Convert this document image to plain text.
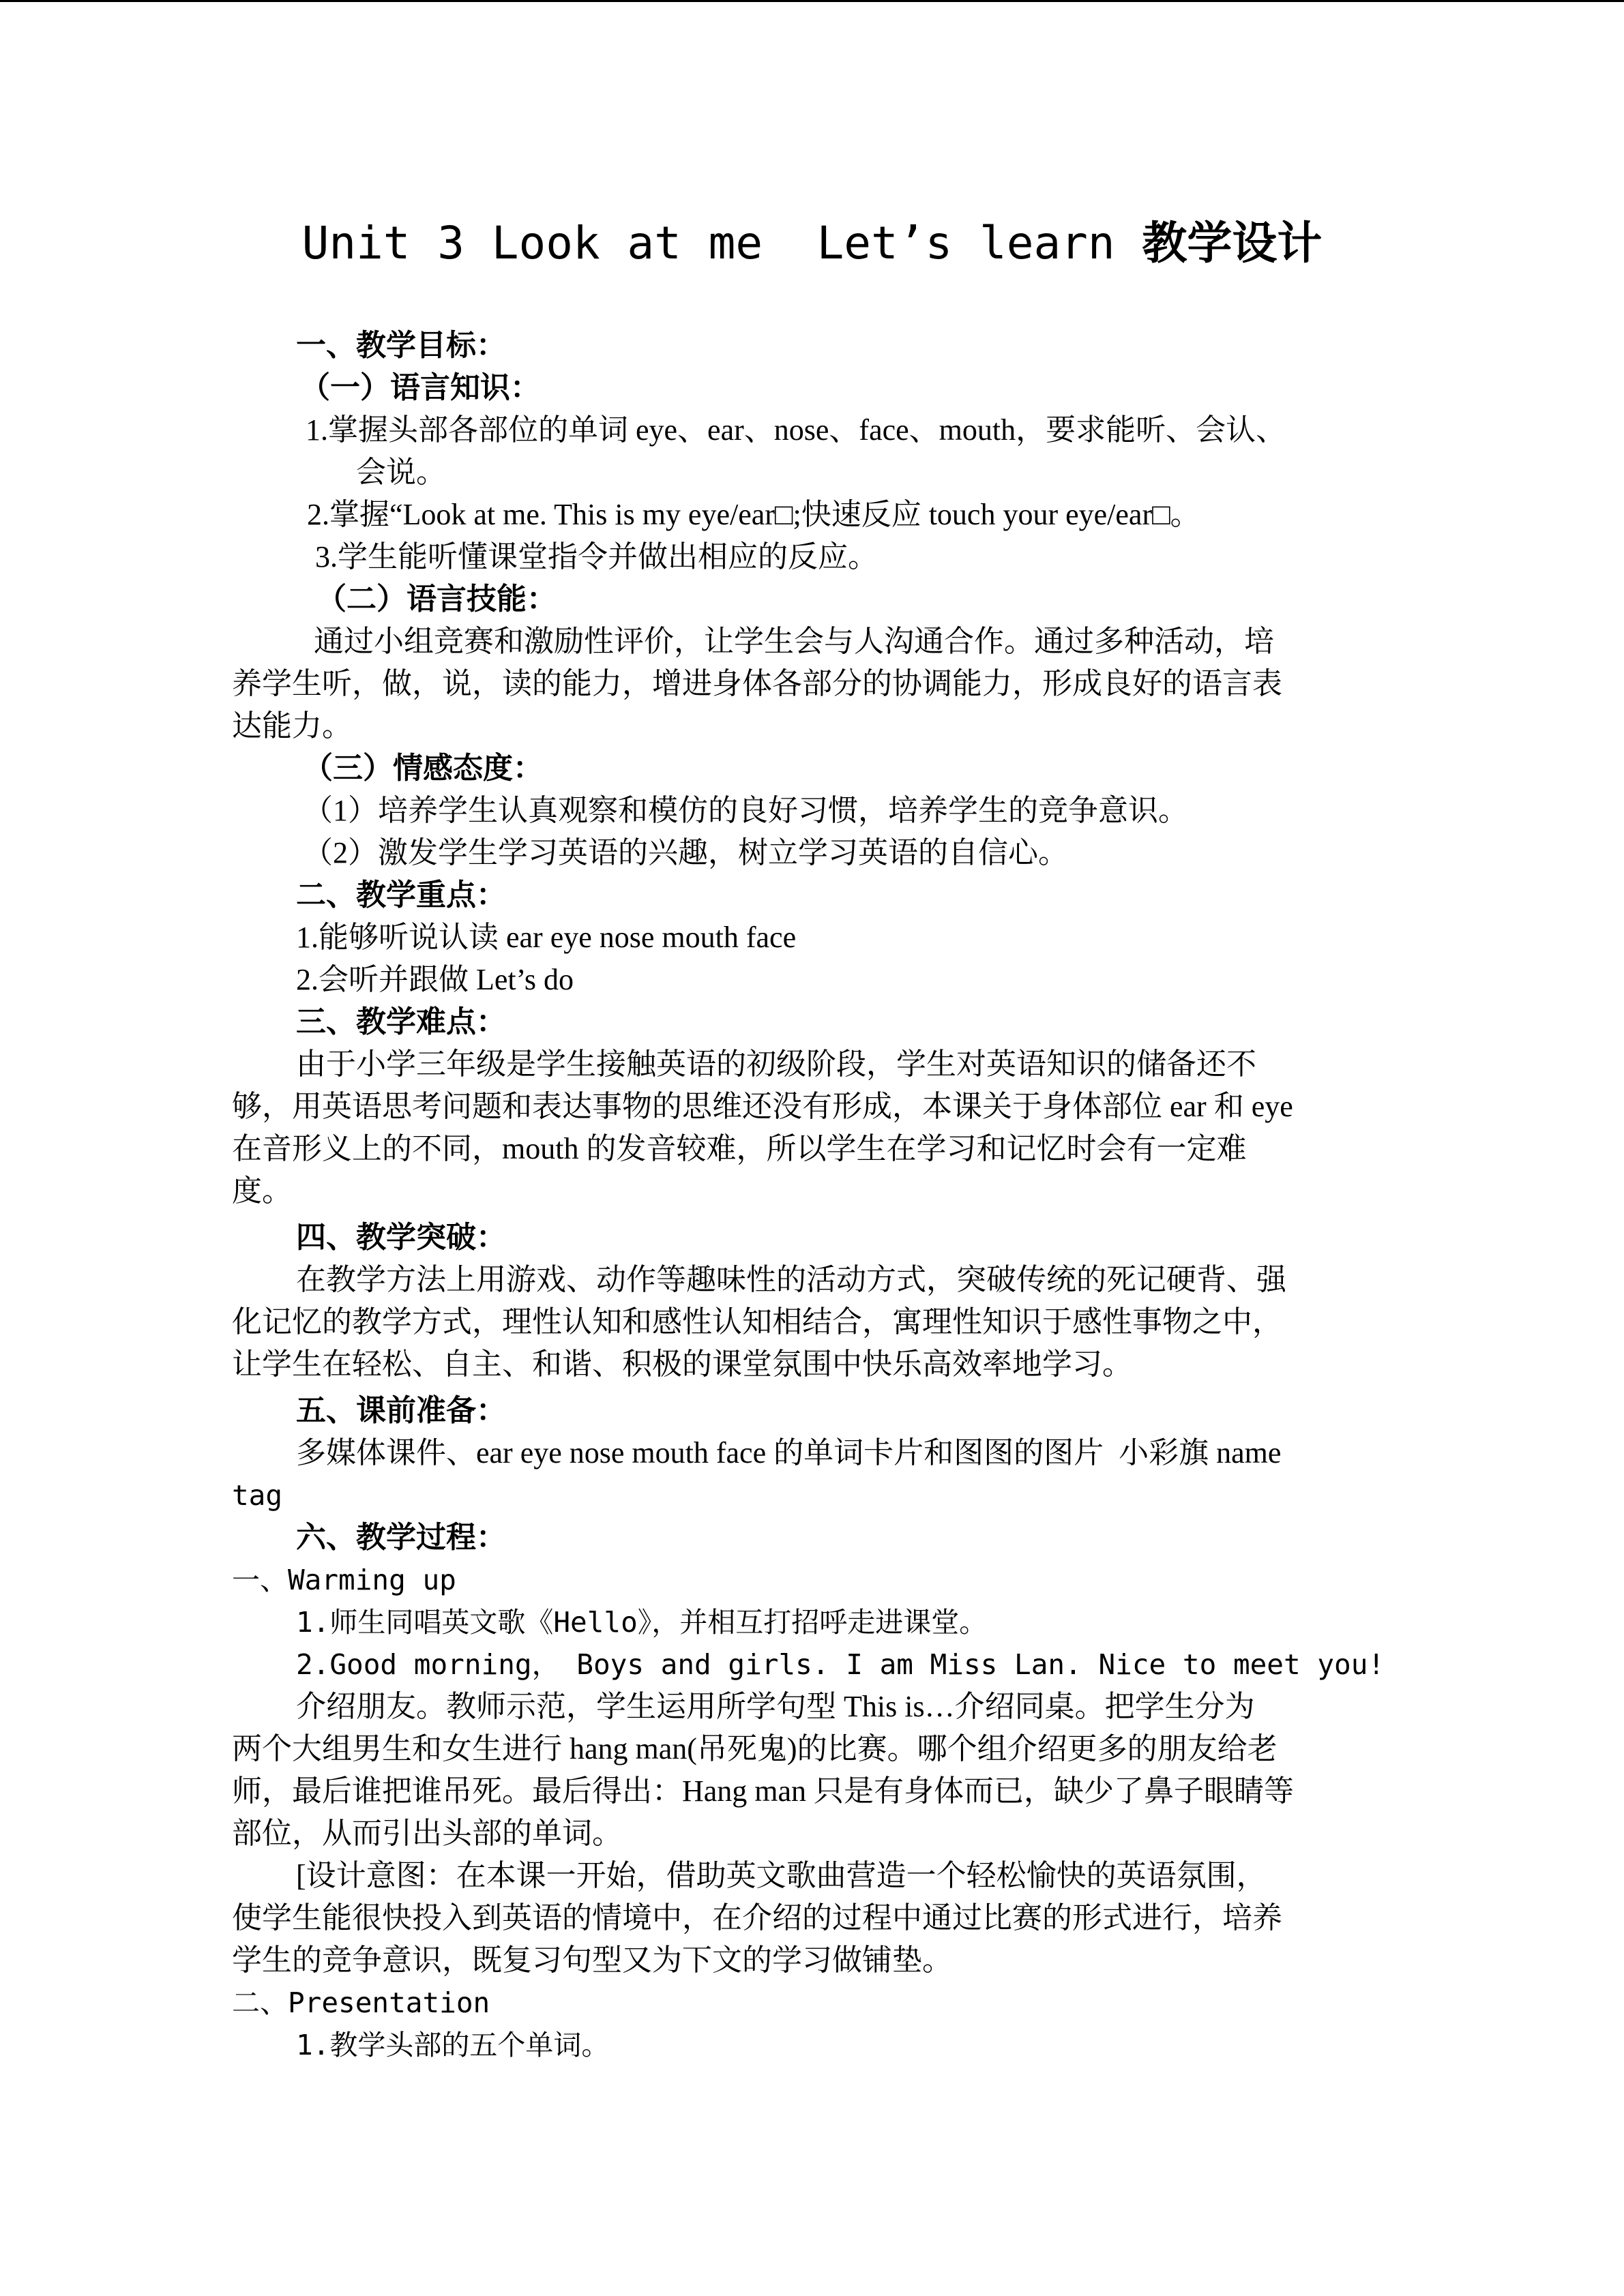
Unit 3 Look at me  Let’s learn 教学设计
一、教学目标：
（一）语言知识：
1.掌握头部各部位的单词 eye、ear、nose、face、mouth，要求能听、会认、
会说。
2.掌握“Look at me. This is my eye/ear□;快速反应 touch your eye/ear□。
3.学生能听懂课堂指令并做出相应的反应。
（二）语言技能：
通过小组竞赛和激励性评价，让学生会与人沟通合作。通过多种活动，培
养学生听，做，说，读的能力，增进身体各部分的协调能力，形成良好的语言表
达能力。
（三）情感态度：
（1）培养学生认真观察和模仿的良好习惯，培养学生的竞争意识。
（2）激发学生学习英语的兴趣，树立学习英语的自信心。
二、教学重点：
1.能够听说认读 ear eye nose mouth face
2.会听并跟做 Let’s do
三、教学难点：
由于小学三年级是学生接触英语的初级阶段，学生对英语知识的储备还不
够，用英语思考问题和表达事物的思维还没有形成，本课关于身体部位 ear 和 eye
在音形义上的不同，mouth 的发音较难，所以学生在学习和记忆时会有一定难
度。
四、教学突破：
在教学方法上用游戏、动作等趣味性的活动方式，突破传统的死记硬背、强
化记忆的教学方式，理性认知和感性认知相结合，寓理性知识于感性事物之中，
让学生在轻松、自主、和谐、积极的课堂氛围中快乐高效率地学习。
五、课前准备：
多媒体课件、ear eye nose mouth face 的单词卡片和图图的图片  小彩旗 name
tag
六、教学过程：
一、Warming up
1.师生同唱英文歌《Hello》，并相互打招呼走进课堂。
2.Good morning， Boys and girls. I am Miss Lan. Nice to meet you!
介绍朋友。教师示范，学生运用所学句型 This is…介绍同桌。把学生分为
两个大组男生和女生进行 hang man(吊死鬼)的比赛。哪个组介绍更多的朋友给老
师，最后谁把谁吊死。最后得出：Hang man 只是有身体而已，缺少了鼻子眼睛等
部位，从而引出头部的单词。
[设计意图：在本课一开始，借助英文歌曲营造一个轻松愉快的英语氛围，
使学生能很快投入到英语的情境中，在介绍的过程中通过比赛的形式进行，培养
学生的竞争意识，既复习句型又为下文的学习做铺垫。
二、Presentation
1.教学头部的五个单词。
